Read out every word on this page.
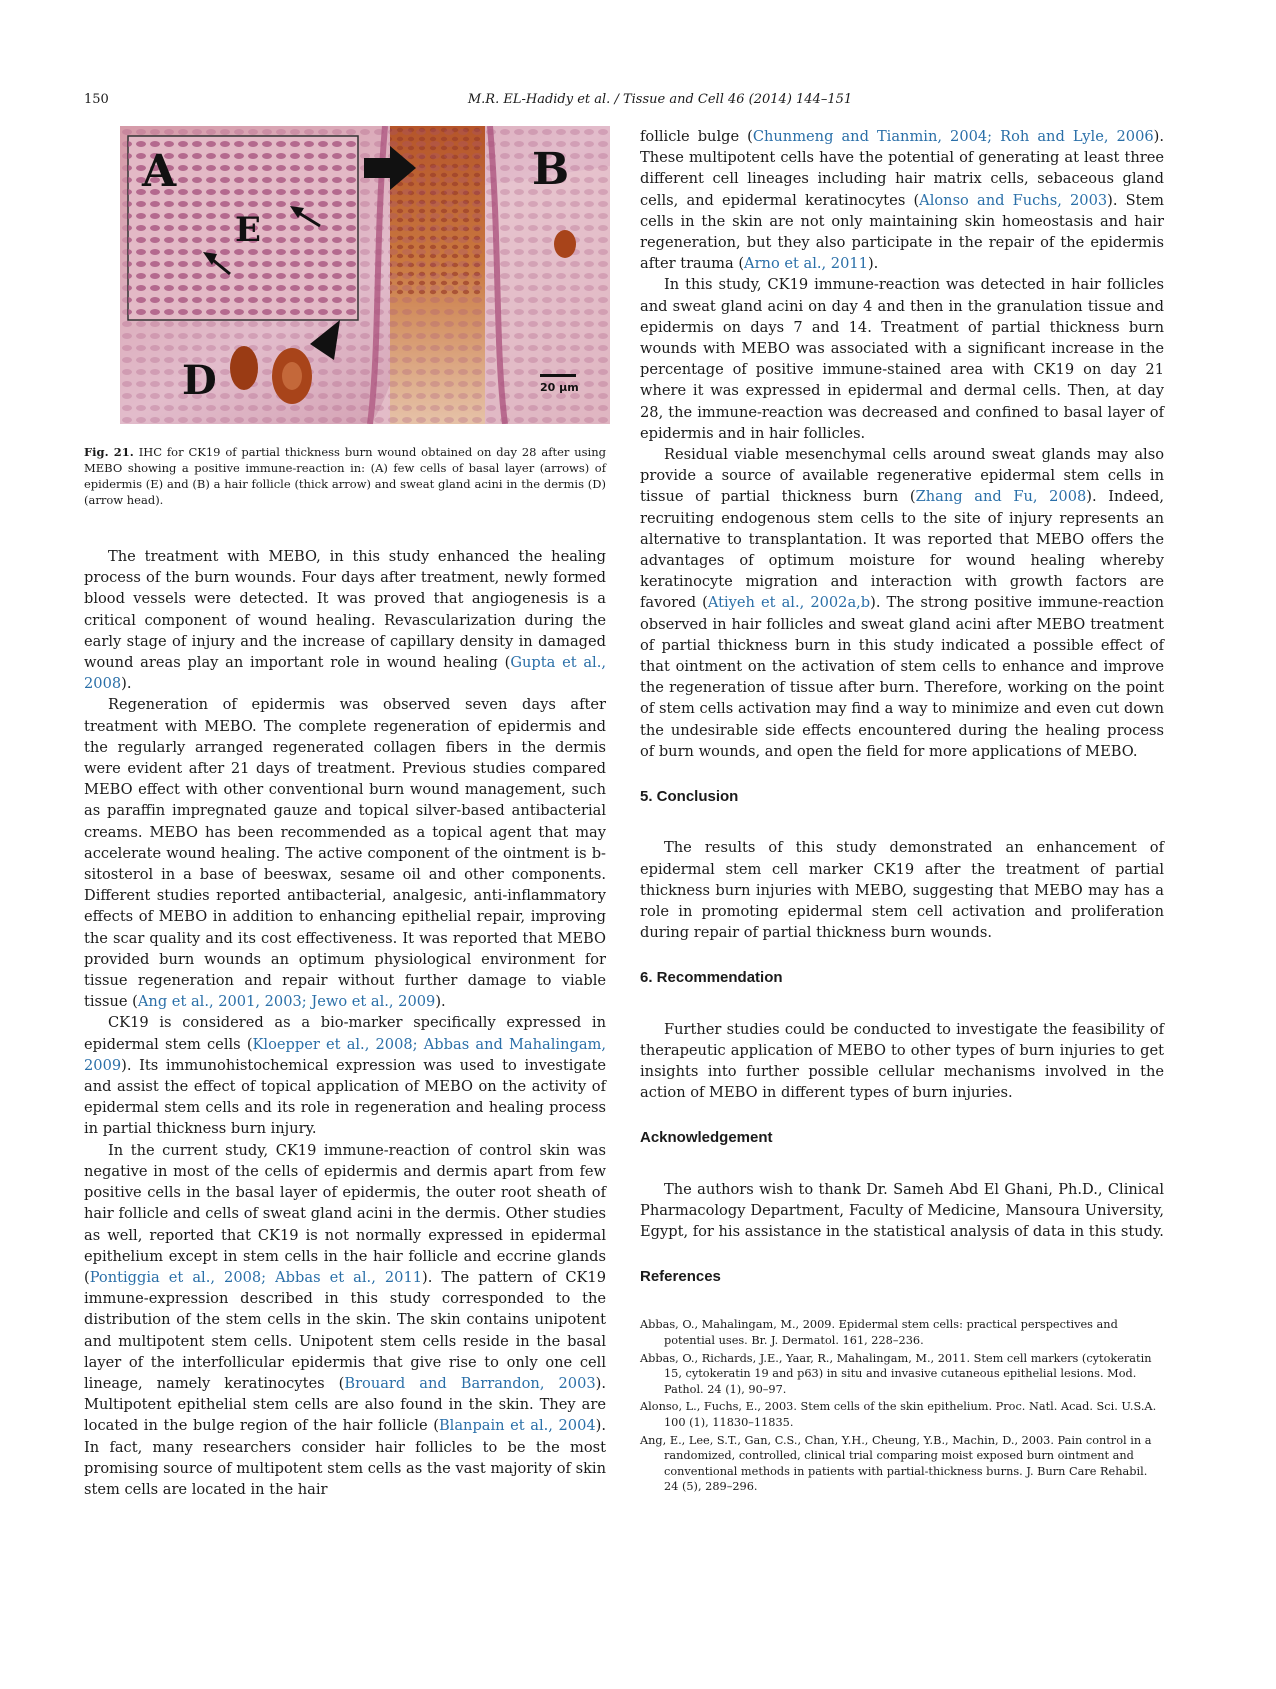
150	M.R. EL-Hadidy et al. / Tissue and Cell 46 (2014) 144–151
A	B
E
D	20 µm

Fig. 21. IHC for CK19 of partial thickness burn wound obtained on day 28 after using MEBO showing a positive immune-reaction in: (A) few cells of basal layer (arrows) of epidermis (E) and (B) a hair follicle (thick arrow) and sweat gland acini in the dermis (D) (arrow head).

The treatment with MEBO, in this study enhanced the healing process of the burn wounds. Four days after treatment, newly formed blood vessels were detected. It was proved that angiogenesis is a critical component of wound healing. Revascularization during the early stage of injury and the increase of capillary density in damaged wound areas play an important role in wound healing (Gupta et al., 2008).

Regeneration of epidermis was observed seven days after treatment with MEBO. The complete regeneration of epidermis and the regularly arranged regenerated collagen fibers in the dermis were evident after 21 days of treatment. Previous studies compared MEBO effect with other conventional burn wound management, such as paraffin impregnated gauze and topical silver-based antibacterial creams. MEBO has been recommended as a topical agent that may accelerate wound healing. The active component of the ointment is b-sitosterol in a base of beeswax, sesame oil and other components. Different studies reported antibacterial, analgesic, anti-inflammatory effects of MEBO in addition to enhancing epithelial repair, improving the scar quality and its cost effectiveness. It was reported that MEBO provided burn wounds an optimum physiological environment for tissue regeneration and repair without further damage to viable tissue (Ang et al., 2001, 2003; Jewo et al., 2009).

CK19 is considered as a bio-marker specifically expressed in epidermal stem cells (Kloepper et al., 2008; Abbas and Mahalingam, 2009). Its immunohistochemical expression was used to investigate and assist the effect of topical application of MEBO on the activity of epidermal stem cells and its role in regeneration and healing process in partial thickness burn injury.

In the current study, CK19 immune-reaction of control skin was negative in most of the cells of epidermis and dermis apart from few positive cells in the basal layer of epidermis, the outer root sheath of hair follicle and cells of sweat gland acini in the dermis. Other studies as well, reported that CK19 is not normally expressed in epidermal epithelium except in stem cells in the hair follicle and eccrine glands (Pontiggia et al., 2008; Abbas et al., 2011). The pattern of CK19 immune-expression described in this study corresponded to the distribution of the stem cells in the skin. The skin contains unipotent and multipotent stem cells. Unipotent stem cells reside in the basal layer of the interfollicular epidermis that give rise to only one cell lineage, namely keratinocytes (Brouard and Barrandon, 2003). Multipotent epithelial stem cells are also found in the skin. They are located in the bulge region of the hair follicle (Blanpain et al., 2004). In fact, many researchers consider hair follicles to be the most promising source of multipotent stem cells as the vast majority of skin stem cells are located in the hair

follicle bulge (Chunmeng and Tianmin, 2004; Roh and Lyle, 2006). These multipotent cells have the potential of generating at least three different cell lineages including hair matrix cells, sebaceous gland cells, and epidermal keratinocytes (Alonso and Fuchs, 2003). Stem cells in the skin are not only maintaining skin homeostasis and hair regeneration, but they also participate in the repair of the epidermis after trauma (Arno et al., 2011).

In this study, CK19 immune-reaction was detected in hair follicles and sweat gland acini on day 4 and then in the granulation tissue and epidermis on days 7 and 14. Treatment of partial thickness burn wounds with MEBO was associated with a significant increase in the percentage of positive immune-stained area with CK19 on day 21 where it was expressed in epidermal and dermal cells. Then, at day 28, the immune-reaction was decreased and confined to basal layer of epidermis and in hair follicles.

Residual viable mesenchymal cells around sweat glands may also provide a source of available regenerative epidermal stem cells in tissue of partial thickness burn (Zhang and Fu, 2008). Indeed, recruiting endogenous stem cells to the site of injury represents an alternative to transplantation. It was reported that MEBO offers the advantages of optimum moisture for wound healing whereby keratinocyte migration and interaction with growth factors are favored (Atiyeh et al., 2002a,b). The strong positive immune-reaction observed in hair follicles and sweat gland acini after MEBO treatment of partial thickness burn in this study indicated a possible effect of that ointment on the activation of stem cells to enhance and improve the regeneration of tissue after burn. Therefore, working on the point of stem cells activation may find a way to minimize and even cut down the undesirable side effects encountered during the healing process of burn wounds, and open the field for more applications of MEBO.

5. Conclusion

The results of this study demonstrated an enhancement of epidermal stem cell marker CK19 after the treatment of partial thickness burn injuries with MEBO, suggesting that MEBO may has a role in promoting epidermal stem cell activation and proliferation during repair of partial thickness burn wounds.

6. Recommendation

Further studies could be conducted to investigate the feasibility of therapeutic application of MEBO to other types of burn injuries to get insights into further possible cellular mechanisms involved in the action of MEBO in different types of burn injuries.

Acknowledgement

The authors wish to thank Dr. Sameh Abd El Ghani, Ph.D., Clinical Pharmacology Department, Faculty of Medicine, Mansoura University, Egypt, for his assistance in the statistical analysis of data in this study.

References

Abbas, O., Mahalingam, M., 2009. Epidermal stem cells: practical perspectives and potential uses. Br. J. Dermatol. 161, 228–236.

Abbas, O., Richards, J.E., Yaar, R., Mahalingam, M., 2011. Stem cell markers (cytokeratin 15, cytokeratin 19 and p63) in situ and invasive cutaneous epithelial lesions. Mod. Pathol. 24 (1), 90–97.

Alonso, L., Fuchs, E., 2003. Stem cells of the skin epithelium. Proc. Natl. Acad. Sci. U.S.A. 100 (1), 11830–11835.

Ang, E., Lee, S.T., Gan, C.S., Chan, Y.H., Cheung, Y.B., Machin, D., 2003. Pain control in a randomized, controlled, clinical trial comparing moist exposed burn ointment and conventional methods in patients with partial-thickness burns. J. Burn Care Rehabil. 24 (5), 289–296.
